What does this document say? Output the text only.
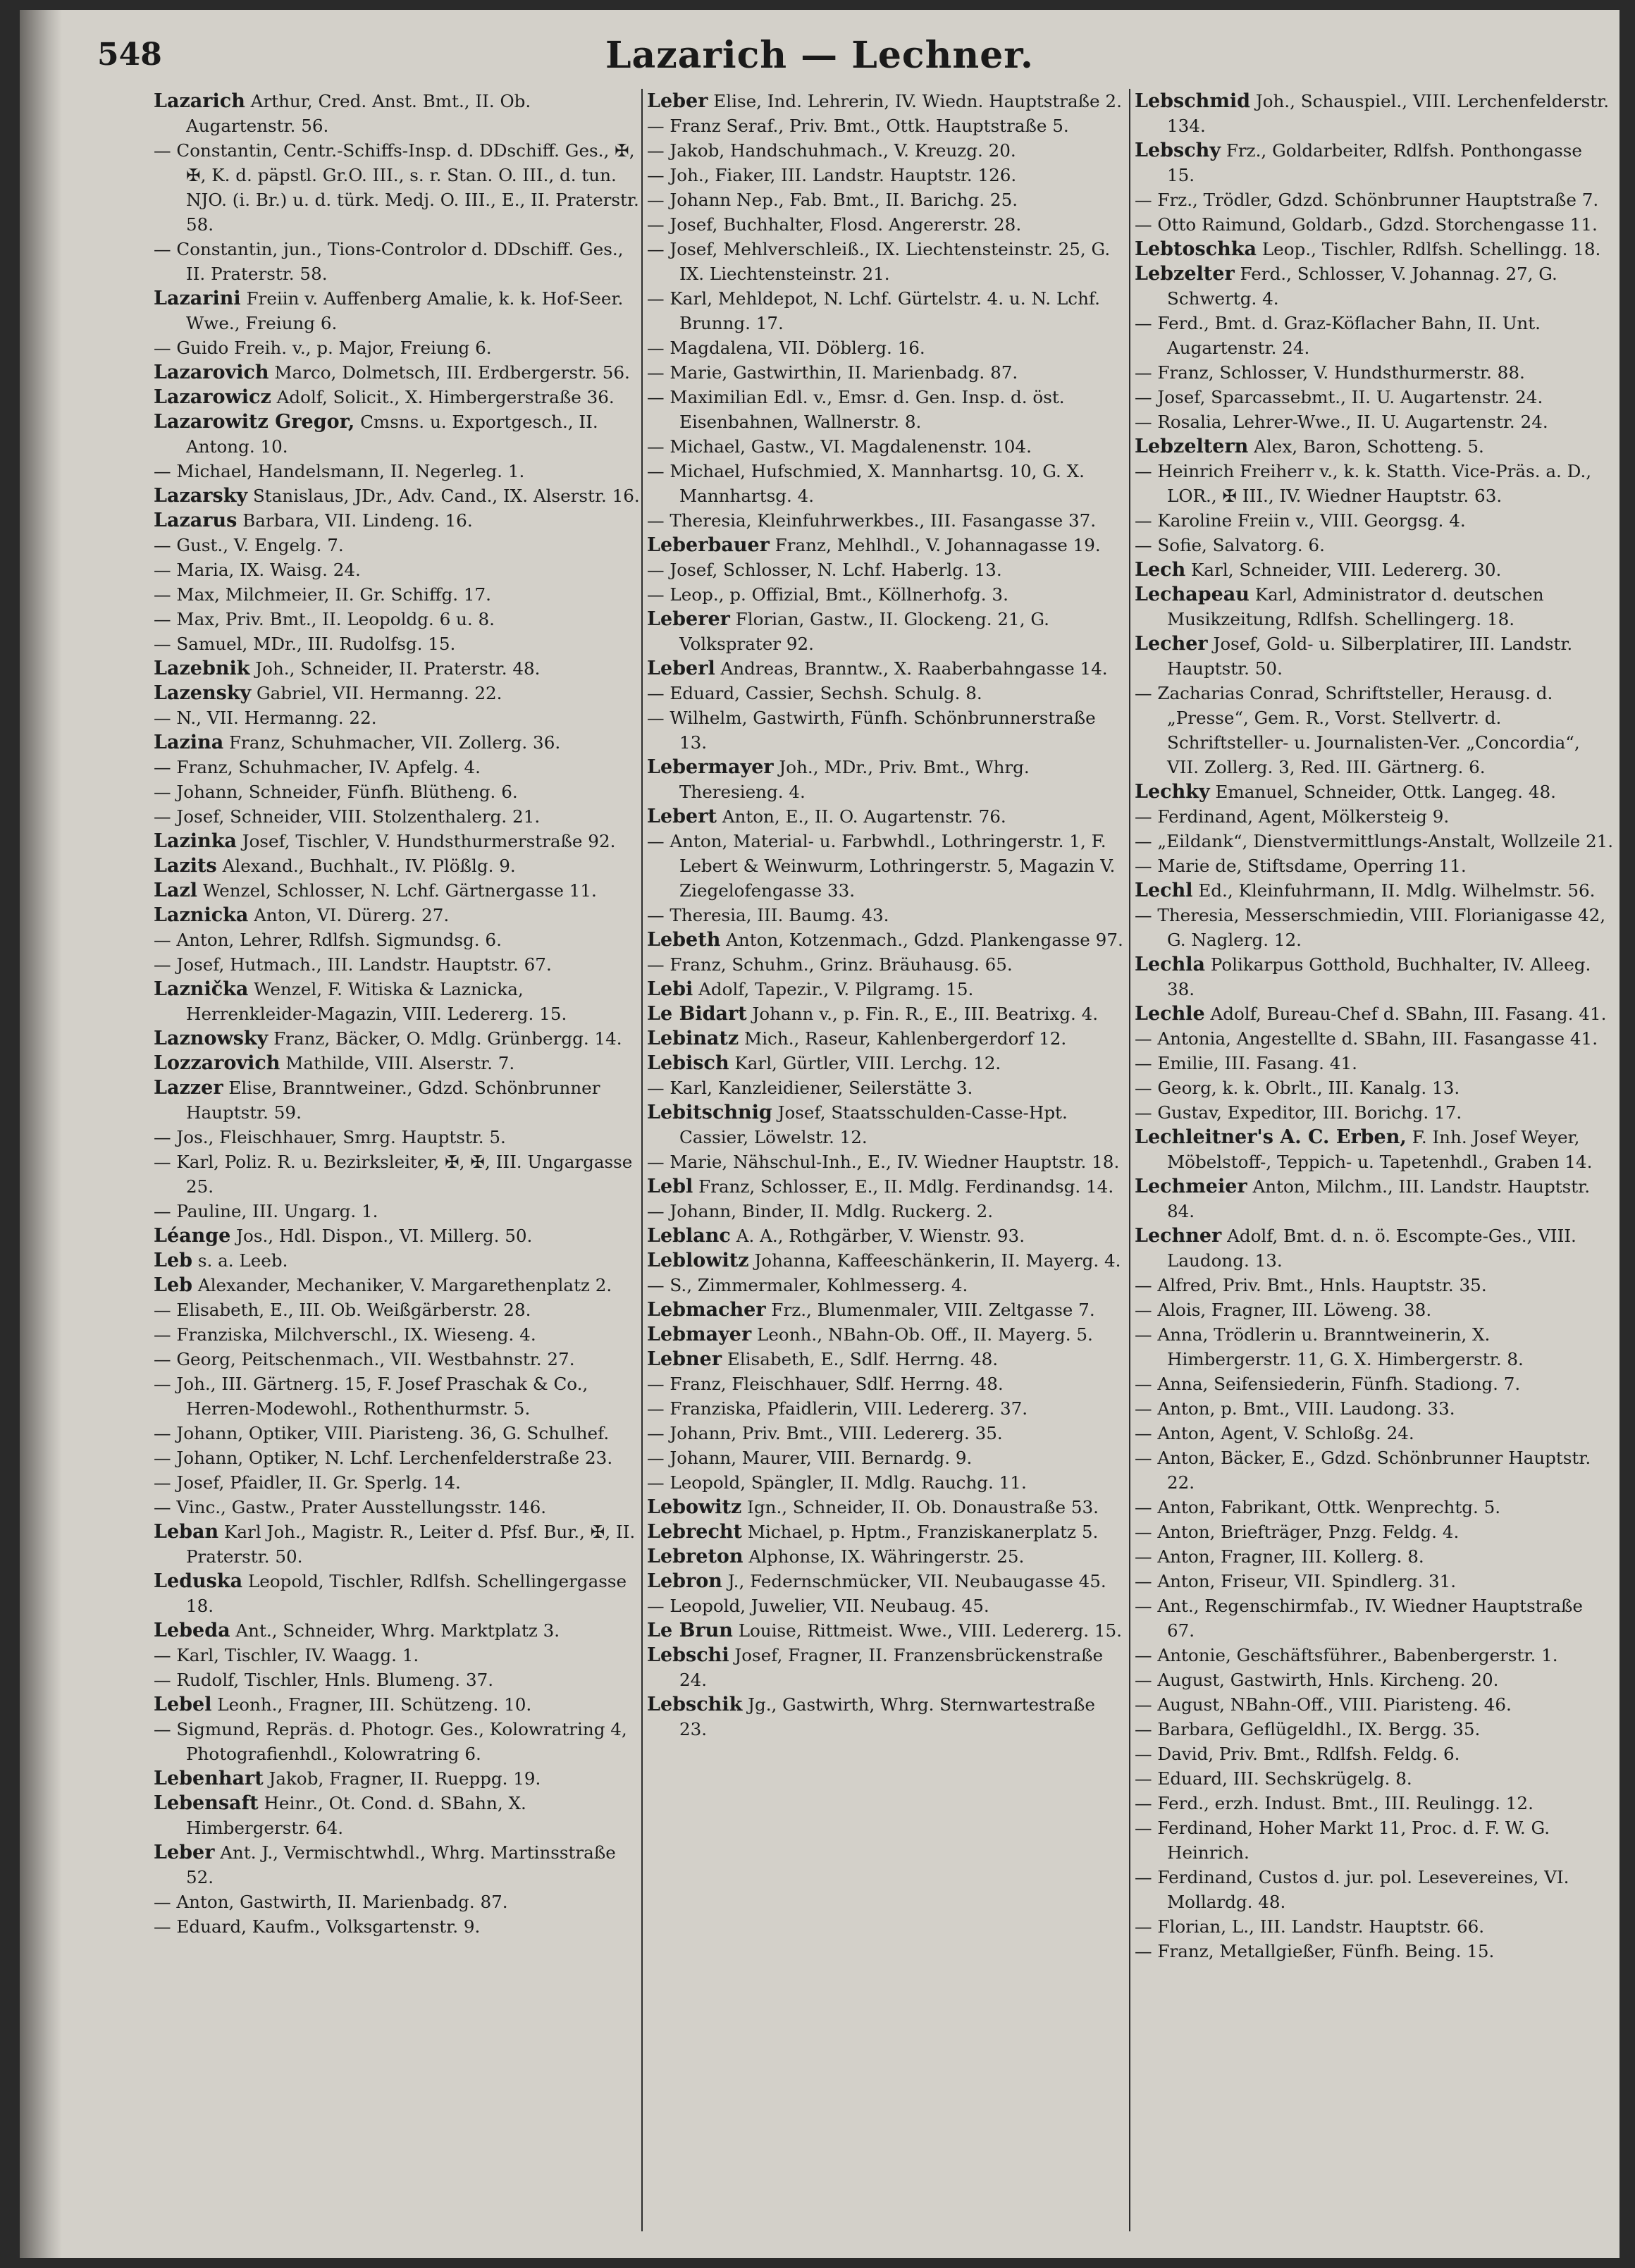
548	Lazarich — Lechner.
Lazarich Arthur, Cred. Anst. Bmt., II. Ob. Augartenstr. 56.
— Constantin, Centr.-Schiffs-Insp. d. DDschiff. Ges., ✠, ✠, K. d. päpstl. Gr.O. III., s. r. Stan. O. III., d. tun. NJO. (i. Br.) u. d. türk. Medj. O. III., E., II. Praterstr. 58.
— Constantin, jun., Tions-Controlor d. DDschiff. Ges., II. Praterstr. 58.
Lazarini Freiin v. Auffenberg Amalie, k. k. Hof-Seer. Wwe., Freiung 6.
— Guido Freih. v., p. Major, Freiung 6.
Lazarovich Marco, Dolmetsch, III. Erdbergerstr. 56.
Lazarowicz Adolf, Solicit., X. Himbergerstraße 36.
Lazarowitz Gregor, Cmsns. u. Exportgesch., II. Antong. 10.
— Michael, Handelsmann, II. Negerleg. 1.
Lazarsky Stanislaus, JDr., Adv. Cand., IX. Alserstr. 16.
Lazarus Barbara, VII. Lindeng. 16.
— Gust., V. Engelg. 7.
— Maria, IX. Waisg. 24.
— Max, Milchmeier, II. Gr. Schiffg. 17.
— Max, Priv. Bmt., II. Leopoldg. 6 u. 8.
— Samuel, MDr., III. Rudolfsg. 15.
Lazebnik Joh., Schneider, II. Praterstr. 48.
Lazensky Gabriel, VII. Hermanng. 22.
— N., VII. Hermanng. 22.
Lazina Franz, Schuhmacher, VII. Zollerg. 36.
— Franz, Schuhmacher, IV. Apfelg. 4.
— Johann, Schneider, Fünfh. Blütheng. 6.
— Josef, Schneider, VIII. Stolzenthalerg. 21.
Lazinka Josef, Tischler, V. Hundsthurmerstraße 92.
Lazits Alexand., Buchhalt., IV. Plößlg. 9.
Lazl Wenzel, Schlosser, N. Lchf. Gärtnergasse 11.
Laznicka Anton, VI. Dürerg. 27.
— Anton, Lehrer, Rdlfsh. Sigmundsg. 6.
— Josef, Hutmach., III. Landstr. Hauptstr. 67.
Laznička Wenzel, F. Witiska & Laznicka, Herrenkleider-Magazin, VIII. Ledererg. 15.
Laznowsky Franz, Bäcker, O. Mdlg. Grünbergg. 14.
Lozzarovich Mathilde, VIII. Alserstr. 7.
Lazzer Elise, Branntweiner., Gdzd. Schönbrunner Hauptstr. 59.
— Jos., Fleischhauer, Smrg. Hauptstr. 5.
— Karl, Poliz. R. u. Bezirksleiter, ✠, ✠, III. Ungargasse 25.
— Pauline, III. Ungarg. 1.
Léange Jos., Hdl. Dispon., VI. Millerg. 50.
Leb s. a. Leeb.
Leb Alexander, Mechaniker, V. Margarethenplatz 2.
— Elisabeth, E., III. Ob. Weißgärberstr. 28.
— Franziska, Milchverschl., IX. Wieseng. 4.
— Georg, Peitschenmach., VII. Westbahnstr. 27.
— Joh., III. Gärtnerg. 15, F. Josef Praschak & Co., Herren-Modewohl., Rothenthurmstr. 5.
— Johann, Optiker, VIII. Piaristeng. 36, G. Schulhef.
— Johann, Optiker, N. Lchf. Lerchenfelderstraße 23.
— Josef, Pfaidler, II. Gr. Sperlg. 14.
— Vinc., Gastw., Prater Ausstellungsstr. 146.
Leban Karl Joh., Magistr. R., Leiter d. Pfsf. Bur., ✠, II. Praterstr. 50.
Leduska Leopold, Tischler, Rdlfsh. Schellingergasse 18.
Lebeda Ant., Schneider, Whrg. Marktplatz 3.
— Karl, Tischler, IV. Waagg. 1.
— Rudolf, Tischler, Hnls. Blumeng. 37.
Lebel Leonh., Fragner, III. Schützeng. 10.
— Sigmund, Repräs. d. Photogr. Ges., Kolowratring 4, Photografienhdl., Kolowratring 6.
Lebenhart Jakob, Fragner, II. Rueppg. 19.
Lebensaft Heinr., Ot. Cond. d. SBahn, X. Himbergerstr. 64.
Leber Ant. J., Vermischtwhdl., Whrg. Martinsstraße 52.
— Anton, Gastwirth, II. Marienbadg. 87.
— Eduard, Kaufm., Volksgartenstr. 9.
Leber Elise, Ind. Lehrerin, IV. Wiedn. Hauptstraße 2.
— Franz Seraf., Priv. Bmt., Ottk. Hauptstraße 5.
— Jakob, Handschuhmach., V. Kreuzg. 20.
— Joh., Fiaker, III. Landstr. Hauptstr. 126.
— Johann Nep., Fab. Bmt., II. Barichg. 25.
— Josef, Buchhalter, Flosd. Angererstr. 28.
— Josef, Mehlverschleiß., IX. Liechtensteinstr. 25, G. IX. Liechtensteinstr. 21.
— Karl, Mehldepot, N. Lchf. Gürtelstr. 4. u. N. Lchf. Brunng. 17.
— Magdalena, VII. Döblerg. 16.
— Marie, Gastwirthin, II. Marienbadg. 87.
— Maximilian Edl. v., Emsr. d. Gen. Insp. d. öst. Eisenbahnen, Wallnerstr. 8.
— Michael, Gastw., VI. Magdalenenstr. 104.
— Michael, Hufschmied, X. Mannhartsg. 10, G. X. Mannhartsg. 4.
— Theresia, Kleinfuhrwerkbes., III. Fasangasse 37.
Leberbauer Franz, Mehlhdl., V. Johannagasse 19.
— Josef, Schlosser, N. Lchf. Haberlg. 13.
— Leop., p. Offizial, Bmt., Köllnerhofg. 3.
Leberer Florian, Gastw., II. Glockeng. 21, G. Volksprater 92.
Leberl Andreas, Branntw., X. Raaberbahngasse 14.
— Eduard, Cassier, Sechsh. Schulg. 8.
— Wilhelm, Gastwirth, Fünfh. Schönbrunnerstraße 13.
Lebermayer Joh., MDr., Priv. Bmt., Whrg. Theresieng. 4.
Lebert Anton, E., II. O. Augartenstr. 76.
— Anton, Material- u. Farbwhdl., Lothringerstr. 1, F. Lebert & Weinwurm, Lothringerstr. 5, Magazin V. Ziegelofengasse 33.
— Theresia, III. Baumg. 43.
Lebeth Anton, Kotzenmach., Gdzd. Plankengasse 97.
— Franz, Schuhm., Grinz. Bräuhausg. 65.
Lebi Adolf, Tapezir., V. Pilgramg. 15.
Le Bidart Johann v., p. Fin. R., E., III. Beatrixg. 4.
Lebinatz Mich., Raseur, Kahlenbergerdorf 12.
Lebisch Karl, Gürtler, VIII. Lerchg. 12.
— Karl, Kanzleidiener, Seilerstätte 3.
Lebitschnig Josef, Staatsschulden-Casse-Hpt. Cassier, Löwelstr. 12.
— Marie, Nähschul-Inh., E., IV. Wiedner Hauptstr. 18.
Lebl Franz, Schlosser, E., II. Mdlg. Ferdinandsg. 14.
— Johann, Binder, II. Mdlg. Ruckerg. 2.
Leblanc A. A., Rothgärber, V. Wienstr. 93.
Leblowitz Johanna, Kaffeeschänkerin, II. Mayerg. 4.
— S., Zimmermaler, Kohlmesserg. 4.
Lebmacher Frz., Blumenmaler, VIII. Zeltgasse 7.
Lebmayer Leonh., NBahn-Ob. Off., II. Mayerg. 5.
Lebner Elisabeth, E., Sdlf. Herrng. 48.
— Franz, Fleischhauer, Sdlf. Herrng. 48.
— Franziska, Pfaidlerin, VIII. Ledererg. 37.
— Johann, Priv. Bmt., VIII. Ledererg. 35.
— Johann, Maurer, VIII. Bernardg. 9.
— Leopold, Spängler, II. Mdlg. Rauchg. 11.
Lebowitz Ign., Schneider, II. Ob. Donaustraße 53.
Lebrecht Michael, p. Hptm., Franziskanerplatz 5.
Lebreton Alphonse, IX. Währingerstr. 25.
Lebron J., Federnschmücker, VII. Neubaugasse 45.
— Leopold, Juwelier, VII. Neubaug. 45.
Le Brun Louise, Rittmeist. Wwe., VIII. Ledererg. 15.
Lebschi Josef, Fragner, II. Franzensbrückenstraße 24.
Lebschik Jg., Gastwirth, Whrg. Sternwartestraße 23.
Lebschmid Joh., Schauspiel., VIII. Lerchenfelderstr. 134.
Lebschy Frz., Goldarbeiter, Rdlfsh. Ponthongasse 15.
— Frz., Trödler, Gdzd. Schönbrunner Hauptstraße 7.
— Otto Raimund, Goldarb., Gdzd. Storchengasse 11.
Lebtoschka Leop., Tischler, Rdlfsh. Schellingg. 18.
Lebzelter Ferd., Schlosser, V. Johannag. 27, G. Schwertg. 4.
— Ferd., Bmt. d. Graz-Köflacher Bahn, II. Unt. Augartenstr. 24.
— Franz, Schlosser, V. Hundsthurmerstr. 88.
— Josef, Sparcassebmt., II. U. Augartenstr. 24.
— Rosalia, Lehrer-Wwe., II. U. Augartenstr. 24.
Lebzeltern Alex, Baron, Schotteng. 5.
— Heinrich Freiherr v., k. k. Statth. Vice-Präs. a. D., LOR., ✠ III., IV. Wiedner Hauptstr. 63.
— Karoline Freiin v., VIII. Georgsg. 4.
— Sofie, Salvatorg. 6.
Lech Karl, Schneider, VIII. Ledererg. 30.
Lechapeau Karl, Administrator d. deutschen Musikzeitung, Rdlfsh. Schellingerg. 18.
Lecher Josef, Gold- u. Silberplatirer, III. Landstr. Hauptstr. 50.
— Zacharias Conrad, Schriftsteller, Herausg. d. „Presse“, Gem. R., Vorst. Stellvertr. d. Schriftsteller- u. Journalisten-Ver. „Concordia“, VII. Zollerg. 3, Red. III. Gärtnerg. 6.
Lechky Emanuel, Schneider, Ottk. Langeg. 48.
— Ferdinand, Agent, Mölkersteig 9.
— „Eildank“, Dienstvermittlungs-Anstalt, Wollzeile 21.
— Marie de, Stiftsdame, Operring 11.
Lechl Ed., Kleinfuhrmann, II. Mdlg. Wilhelmstr. 56.
— Theresia, Messerschmiedin, VIII. Florianigasse 42, G. Naglerg. 12.
Lechla Polikarpus Gotthold, Buchhalter, IV. Alleeg. 38.
Lechle Adolf, Bureau-Chef d. SBahn, III. Fasang. 41.
— Antonia, Angestellte d. SBahn, III. Fasangasse 41.
— Emilie, III. Fasang. 41.
— Georg, k. k. Obrlt., III. Kanalg. 13.
— Gustav, Expeditor, III. Borichg. 17.
Lechleitner's A. C. Erben, F. Inh. Josef Weyer, Möbelstoff-, Teppich- u. Tapetenhdl., Graben 14.
Lechmeier Anton, Milchm., III. Landstr. Hauptstr. 84.
Lechner Adolf, Bmt. d. n. ö. Escompte-Ges., VIII. Laudong. 13.
— Alfred, Priv. Bmt., Hnls. Hauptstr. 35.
— Alois, Fragner, III. Löweng. 38.
— Anna, Trödlerin u. Branntweinerin, X. Himbergerstr. 11, G. X. Himbergerstr. 8.
— Anna, Seifensiederin, Fünfh. Stadiong. 7.
— Anton, p. Bmt., VIII. Laudong. 33.
— Anton, Agent, V. Schloßg. 24.
— Anton, Bäcker, E., Gdzd. Schönbrunner Hauptstr. 22.
— Anton, Fabrikant, Ottk. Wenprechtg. 5.
— Anton, Briefträger, Pnzg. Feldg. 4.
— Anton, Fragner, III. Kollerg. 8.
— Anton, Friseur, VII. Spindlerg. 31.
— Ant., Regenschirmfab., IV. Wiedner Hauptstraße 67.
— Antonie, Geschäftsführer., Babenbergerstr. 1.
— August, Gastwirth, Hnls. Kircheng. 20.
— August, NBahn-Off., VIII. Piaristeng. 46.
— Barbara, Geflügeldhl., IX. Bergg. 35.
— David, Priv. Bmt., Rdlfsh. Feldg. 6.
— Eduard, III. Sechskrügelg. 8.
— Ferd., erzh. Indust. Bmt., III. Reulingg. 12.
— Ferdinand, Hoher Markt 11, Proc. d. F. W. G. Heinrich.
— Ferdinand, Custos d. jur. pol. Lesevereines, VI. Mollardg. 48.
— Florian, L., III. Landstr. Hauptstr. 66.
— Franz, Metallgießer, Fünfh. Being. 15.
